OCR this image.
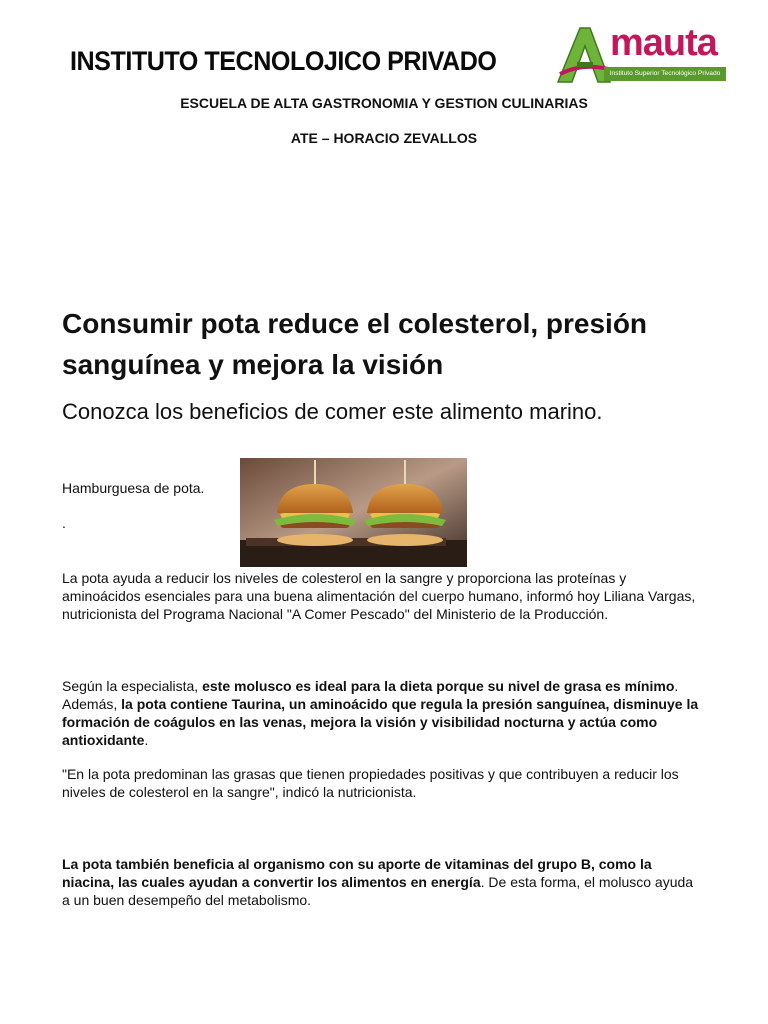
INSTITUTO TECNOLOJICO PRIVADO	mauta
Instituto Superior Tecnológico Privado
ESCUELA DE ALTA GASTRONOMIA Y GESTION CULINARIAS
ATE – HORACIO ZEVALLOS
Consumir pota reduce el colesterol, presión sanguínea y mejora la visión
Conozca los beneficios de comer este alimento marino.
Hamburguesa de pota.
.
La pota ayuda a reducir los niveles de colesterol en la sangre y proporciona las proteínas y aminoácidos esenciales para una buena alimentación del cuerpo humano, informó hoy Liliana Vargas, nutricionista del Programa Nacional "A Comer Pescado" del Ministerio de la Producción.
Según la especialista, este molusco es ideal para la dieta porque su nivel de grasa es mínimo. Además, la pota contiene Taurina, un aminoácido que regula la presión sanguínea, disminuye la formación de coágulos en las venas, mejora la visión y visibilidad nocturna y actúa como antioxidante.
"En la pota predominan las grasas que tienen propiedades positivas y que contribuyen a reducir los niveles de colesterol en la sangre", indicó la nutricionista.
La pota también beneficia al organismo con su aporte de vitaminas del grupo B, como la niacina, las cuales ayudan a convertir los alimentos en energía. De esta forma, el molusco ayuda a un buen desempeño del metabolismo.
